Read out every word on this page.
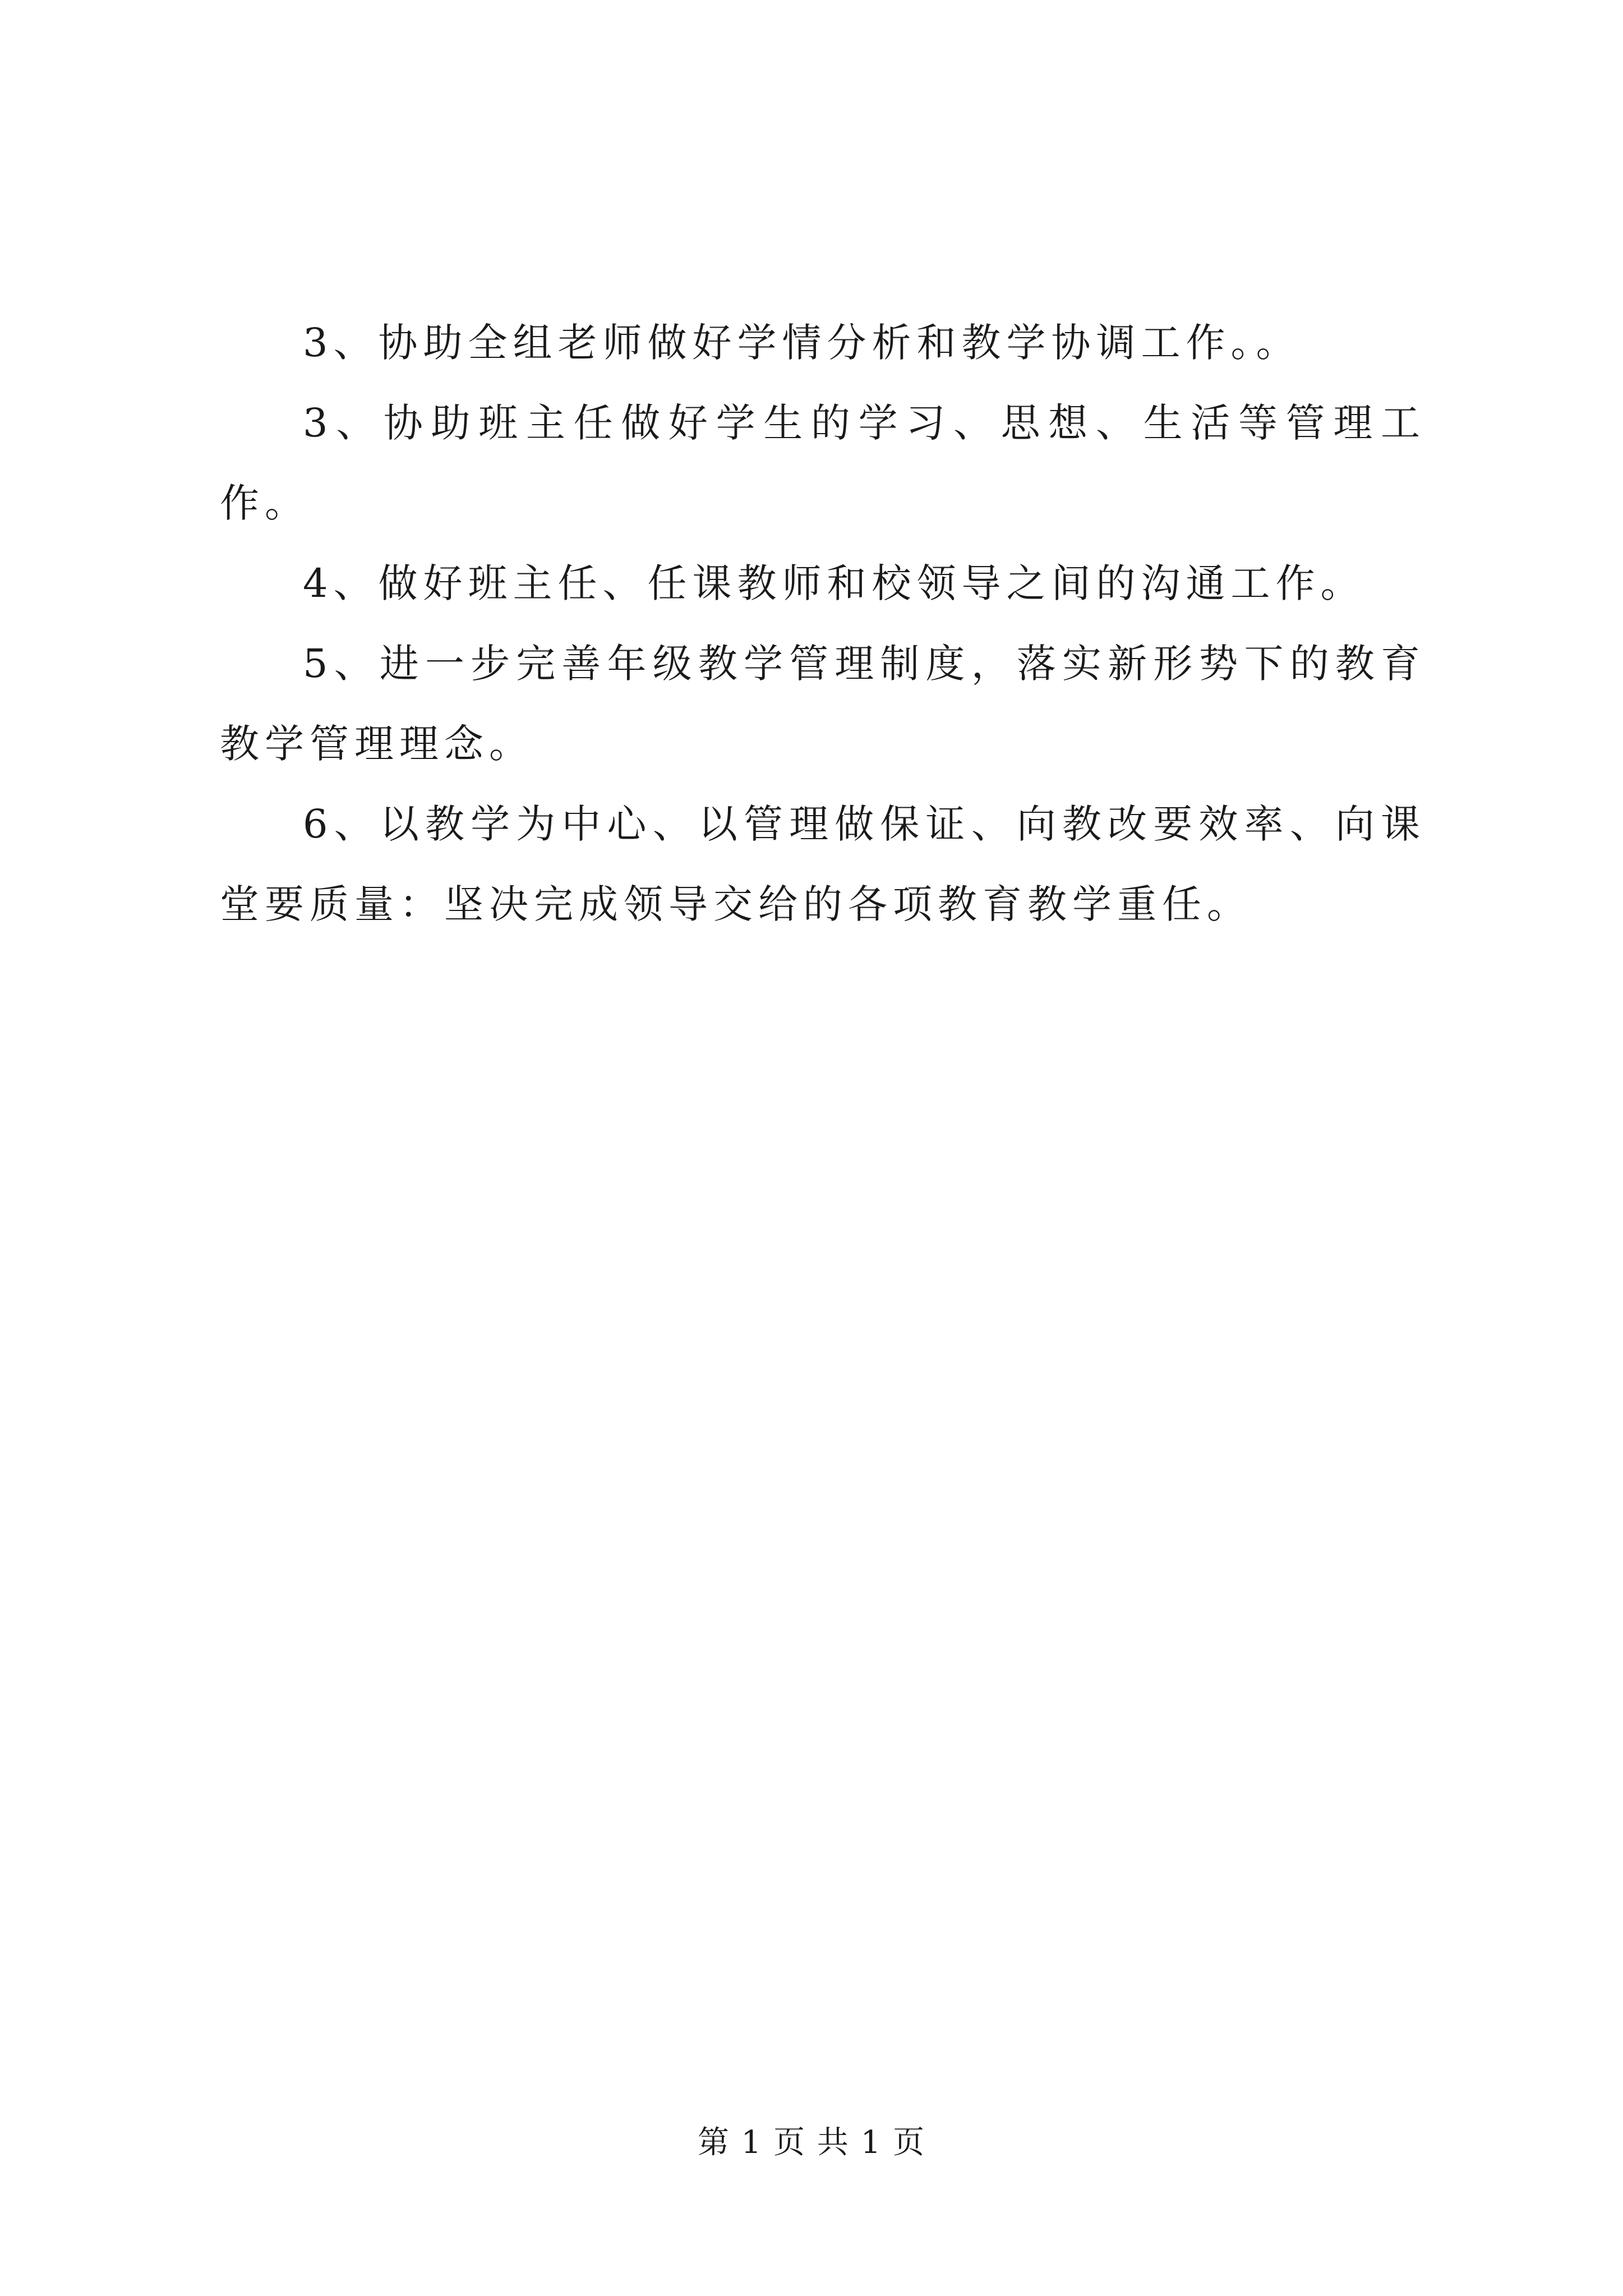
3、协助全组老师做好学情分析和教学协调工作。。

3、协助班主任做好学生的学习、思想、生活等管理工作。

4、做好班主任、任课教师和校领导之间的沟通工作。

5、进一步完善年级教学管理制度，落实新形势下的教育教学管理理念。

6、以教学为中心、以管理做保证、向教改要效率、向课堂要质量：坚决完成领导交给的各项教育教学重任。

第 1 页 共 1 页
